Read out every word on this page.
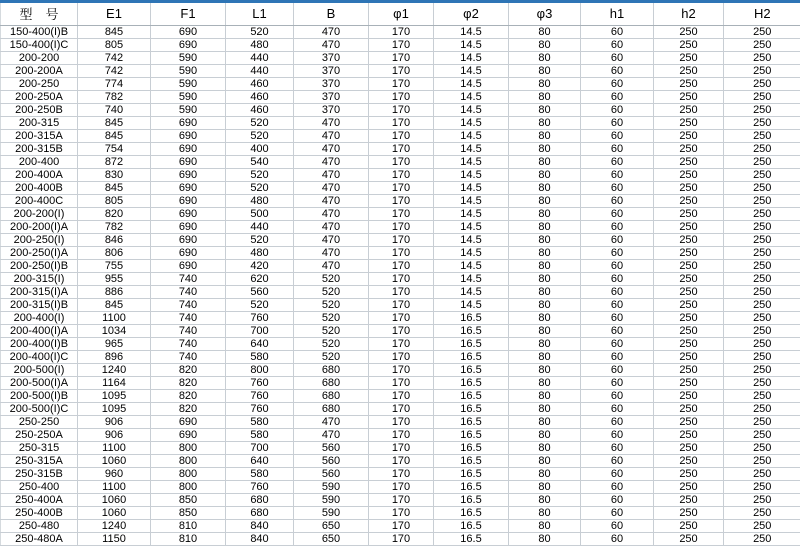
型　号	E1	F1	L1	B	φ1	φ2	φ3	h1	h2	H2
150-400(I)B	845	690	520	470	170	14.5	80	60	250	250
150-400(I)C	805	690	480	470	170	14.5	80	60	250	250
200-200	742	590	440	370	170	14.5	80	60	250	250
200-200A	742	590	440	370	170	14.5	80	60	250	250
200-250	774	590	460	370	170	14.5	80	60	250	250
200-250A	782	590	460	370	170	14.5	80	60	250	250
200-250B	740	590	460	370	170	14.5	80	60	250	250
200-315	845	690	520	470	170	14.5	80	60	250	250
200-315A	845	690	520	470	170	14.5	80	60	250	250
200-315B	754	690	400	470	170	14.5	80	60	250	250
200-400	872	690	540	470	170	14.5	80	60	250	250
200-400A	830	690	520	470	170	14.5	80	60	250	250
200-400B	845	690	520	470	170	14.5	80	60	250	250
200-400C	805	690	480	470	170	14.5	80	60	250	250
200-200(I)	820	690	500	470	170	14.5	80	60	250	250
200-200(I)A	782	690	440	470	170	14.5	80	60	250	250
200-250(I)	846	690	520	470	170	14.5	80	60	250	250
200-250(I)A	806	690	480	470	170	14.5	80	60	250	250
200-250(I)B	755	690	420	470	170	14.5	80	60	250	250
200-315(I)	955	740	620	520	170	14.5	80	60	250	250
200-315(I)A	886	740	560	520	170	14.5	80	60	250	250
200-315(I)B	845	740	520	520	170	14.5	80	60	250	250
200-400(I)	1100	740	760	520	170	16.5	80	60	250	250
200-400(I)A	1034	740	700	520	170	16.5	80	60	250	250
200-400(I)B	965	740	640	520	170	16.5	80	60	250	250
200-400(I)C	896	740	580	520	170	16.5	80	60	250	250
200-500(I)	1240	820	800	680	170	16.5	80	60	250	250
200-500(I)A	1164	820	760	680	170	16.5	80	60	250	250
200-500(I)B	1095	820	760	680	170	16.5	80	60	250	250
200-500(I)C	1095	820	760	680	170	16.5	80	60	250	250
250-250	906	690	580	470	170	16.5	80	60	250	250
250-250A	906	690	580	470	170	16.5	80	60	250	250
250-315	1100	800	700	560	170	16.5	80	60	250	250
250-315A	1060	800	640	560	170	16.5	80	60	250	250
250-315B	960	800	580	560	170	16.5	80	60	250	250
250-400	1100	800	760	590	170	16.5	80	60	250	250
250-400A	1060	850	680	590	170	16.5	80	60	250	250
250-400B	1060	850	680	590	170	16.5	80	60	250	250
250-480	1240	810	840	650	170	16.5	80	60	250	250
250-480A	1150	810	840	650	170	16.5	80	60	250	250
